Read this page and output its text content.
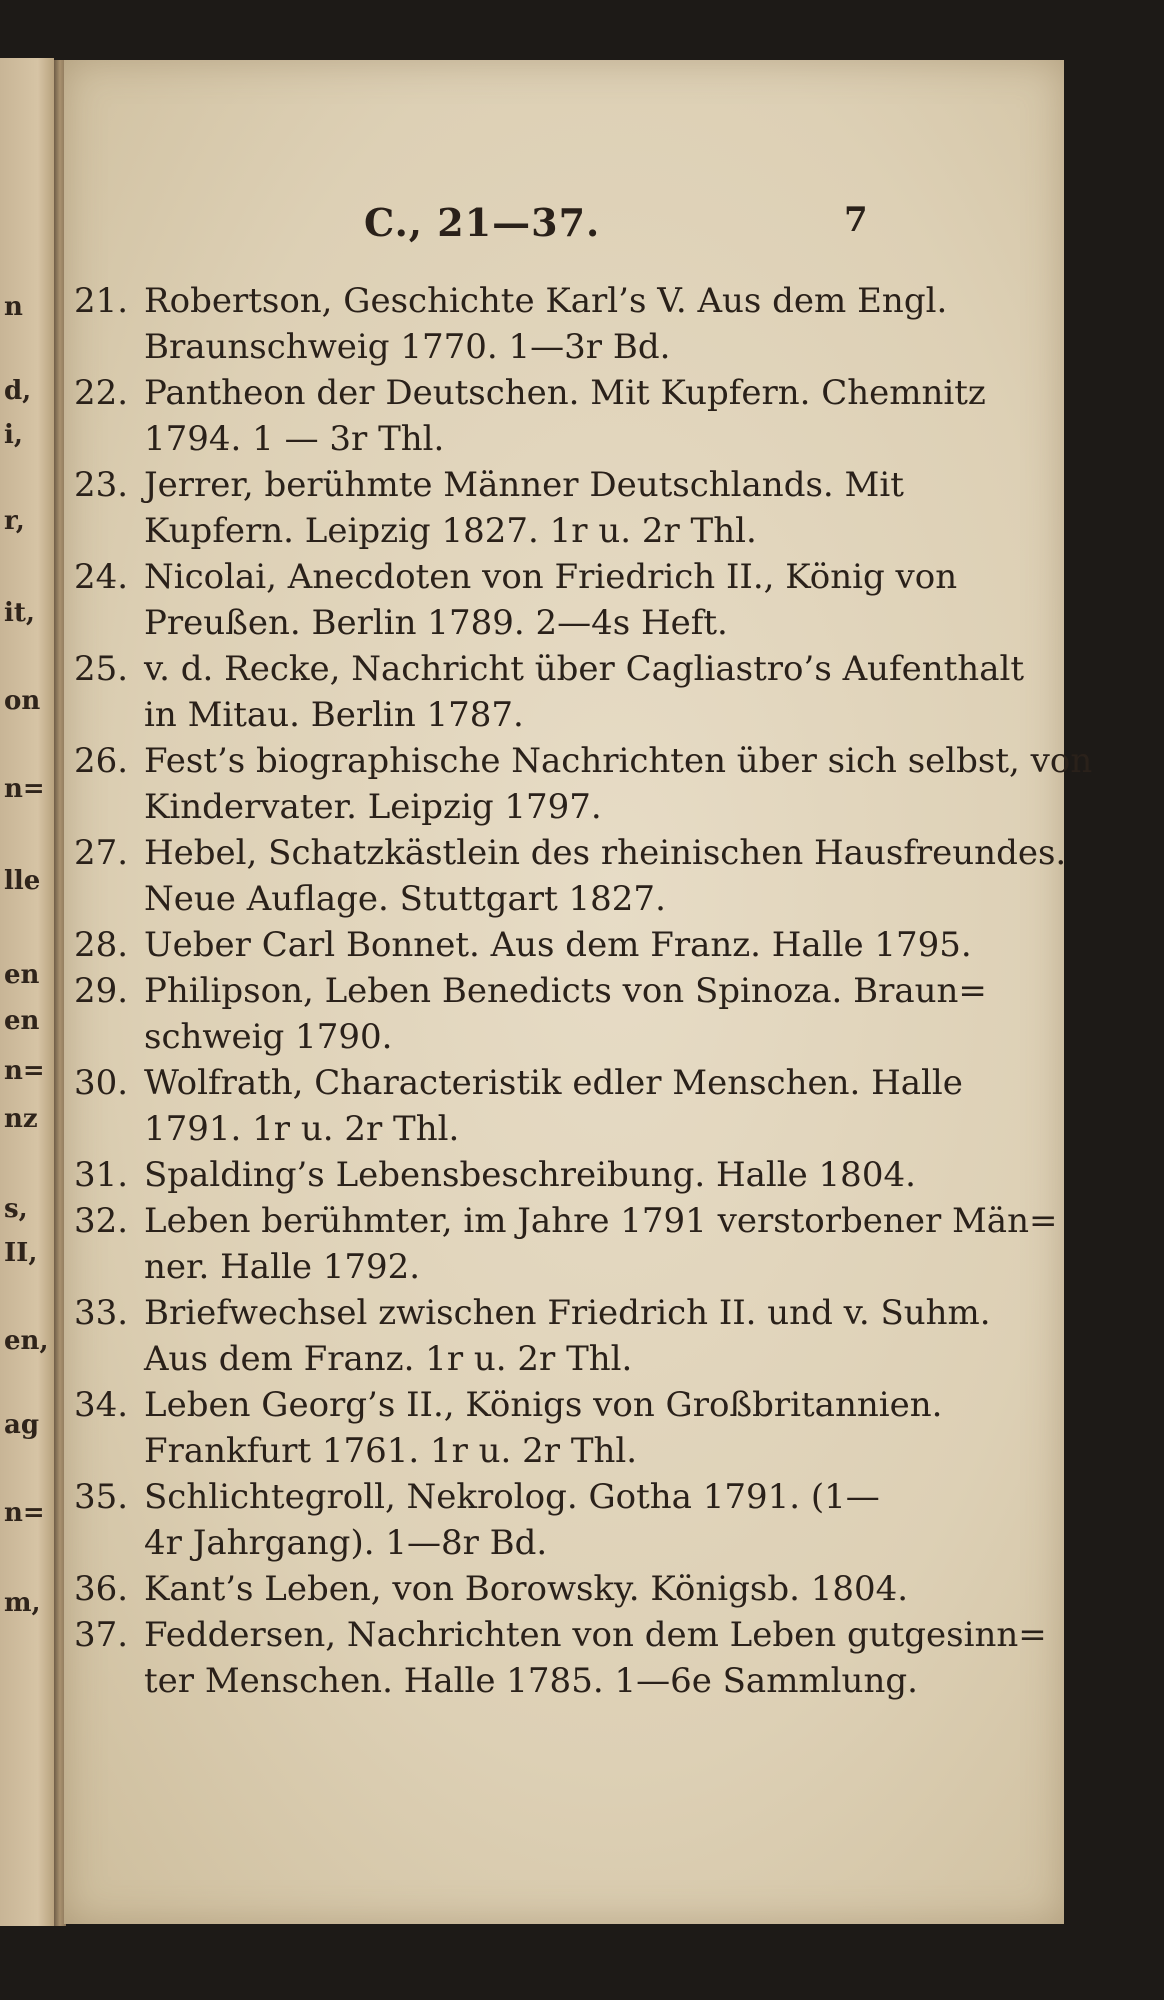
n
d,
i,
r,
it,
on
n=
lle
en
en
n=
nz
s,
II,
en,
ag
n=
m,
C., 21—37.	7
21. Robertson, Geschichte Karl’s V. Aus dem Engl.
Braunschweig 1770. 1—3r Bd.
22. Pantheon der Deutschen. Mit Kupfern. Chemnitz
1794. 1 — 3r Thl.
23. Jerrer, berühmte Männer Deutschlands. Mit
Kupfern. Leipzig 1827. 1r u. 2r Thl.
24. Nicolai, Anecdoten von Friedrich II., König von
Preußen. Berlin 1789. 2—4s Heft.
25. v. d. Recke, Nachricht über Cagliastro’s Aufenthalt
in Mitau. Berlin 1787.
26. Fest’s biographische Nachrichten über sich selbst, von
Kindervater. Leipzig 1797.
27. Hebel, Schatzkästlein des rheinischen Hausfreundes.
Neue Auflage. Stuttgart 1827.
28. Ueber Carl Bonnet. Aus dem Franz. Halle 1795.
29. Philipson, Leben Benedicts von Spinoza. Braun=
schweig 1790.
30. Wolfrath, Characteristik edler Menschen. Halle
1791. 1r u. 2r Thl.
31. Spalding’s Lebensbeschreibung. Halle 1804.
32. Leben berühmter, im Jahre 1791 verstorbener Män=
ner. Halle 1792.
33. Briefwechsel zwischen Friedrich II. und v. Suhm.
Aus dem Franz. 1r u. 2r Thl.
34. Leben Georg’s II., Königs von Großbritannien.
Frankfurt 1761. 1r u. 2r Thl.
35. Schlichtegroll, Nekrolog. Gotha 1791. (1—
4r Jahrgang). 1—8r Bd.
36. Kant’s Leben, von Borowsky. Königsb. 1804.
37. Feddersen, Nachrichten von dem Leben gutgesinn=
ter Menschen. Halle 1785. 1—6e Sammlung.
